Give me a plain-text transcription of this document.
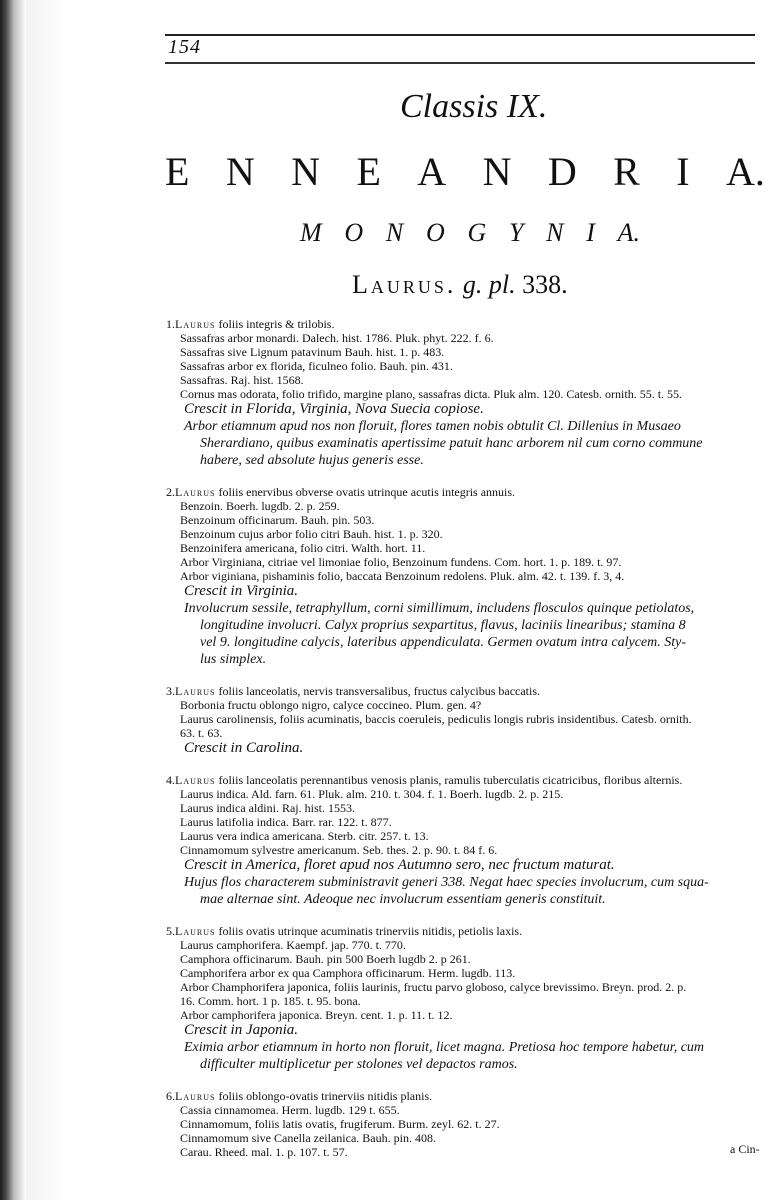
154
Classis IX.
E N N E A N D R I A.
M O N O G Y N I A.
Laurus. g. pl. 338.
1.Laurus foliis integris & trilobis.
Sassafras arbor monardi. Dalech. hist. 1786. Pluk. phyt. 222. f. 6.
Sassafras sive Lignum patavinum Bauh. hist. 1. p. 483.
Sassafras arbor ex florida, ficulneo folio. Bauh. pin. 431.
Sassafras. Raj. hist. 1568.
Cornus mas odorata, folio trifido, margine plano, sassafras dicta. Pluk alm. 120. Catesb. ornith. 55. t. 55.
Crescit in Florida, Virginia, Nova Suecia copiose.
Arbor etiamnum apud nos non floruit, flores tamen nobis obtulit Cl. Dillenius in Musaeo
Sherardiano, quibus examinatis apertissime patuit hanc arborem nil cum corno commune
habere, sed absolute hujus generis esse.
2.Laurus foliis enervibus obverse ovatis utrinque acutis integris annuis.
Benzoin. Boerh. lugdb. 2. p. 259.
Benzoinum officinarum. Bauh. pin. 503.
Benzoinum cujus arbor folio citri Bauh. hist. 1. p. 320.
Benzoinifera americana, folio citri. Walth. hort. 11.
Arbor Virginiana, citriae vel limoniae folio, Benzoinum fundens. Com. hort. 1. p. 189. t. 97.
Arbor viginiana, pishaminis folio, baccata Benzoinum redolens. Pluk. alm. 42. t. 139. f. 3, 4.
Crescit in Virginia.
Involucrum sessile, tetraphyllum, corni simillimum, includens flosculos quinque petiolatos,
longitudine involucri. Calyx proprius sexpartitus, flavus, laciniis linearibus; stamina 8
vel 9. longitudine calycis, lateribus appendiculata. Germen ovatum intra calycem. Sty-
lus simplex.
3.Laurus foliis lanceolatis, nervis transversalibus, fructus calycibus baccatis.
Borbonia fructu oblongo nigro, calyce coccineo. Plum. gen. 4?
Laurus carolinensis, foliis acuminatis, baccis coeruleis, pediculis longis rubris insidentibus. Catesb. ornith.
63. t. 63.
Crescit in Carolina.
4.Laurus foliis lanceolatis perennantibus venosis planis, ramulis tuberculatis cicatricibus, floribus alternis.
Laurus indica. Ald. farn. 61. Pluk. alm. 210. t. 304. f. 1. Boerh. lugdb. 2. p. 215.
Laurus indica aldini. Raj. hist. 1553.
Laurus latifolia indica. Barr. rar. 122. t. 877.
Laurus vera indica americana. Sterb. citr. 257. t. 13.
Cinnamomum sylvestre americanum. Seb. thes. 2. p. 90. t. 84 f. 6.
Crescit in America, floret apud nos Autumno sero, nec fructum maturat.
Hujus flos characterem subministravit generi 338. Negat haec species involucrum, cum squa-
mae alternae sint. Adeoque nec involucrum essentiam generis constituit.
5.Laurus foliis ovatis utrinque acuminatis trinerviis nitidis, petiolis laxis.
Laurus camphorifera. Kaempf. jap. 770. t. 770.
Camphora officinarum. Bauh. pin 500 Boerh lugdb 2. p 261.
Camphorifera arbor ex qua Camphora officinarum. Herm. lugdb. 113.
Arbor Champhorifera japonica, foliis laurinis, fructu parvo globoso, calyce brevissimo. Breyn. prod. 2. p.
16. Comm. hort. 1 p. 185. t. 95. bona.
Arbor camphorifera japonica. Breyn. cent. 1. p. 11. t. 12.
Crescit in Japonia.
Eximia arbor etiamnum in horto non floruit, licet magna. Pretiosa hoc tempore habetur, cum
difficulter multiplicetur per stolones vel depactos ramos.
6.Laurus foliis oblongo-ovatis trinerviis nitidis planis.
Cassia cinnamomea. Herm. lugdb. 129 t. 655.
Cinnamomum, foliis latis ovatis, frugiferum. Burm. zeyl. 62. t. 27.
Cinnamomum sive Canella zeilanica. Bauh. pin. 408.
Carau. Rheed. mal. 1. p. 107. t. 57.	a Cin-
